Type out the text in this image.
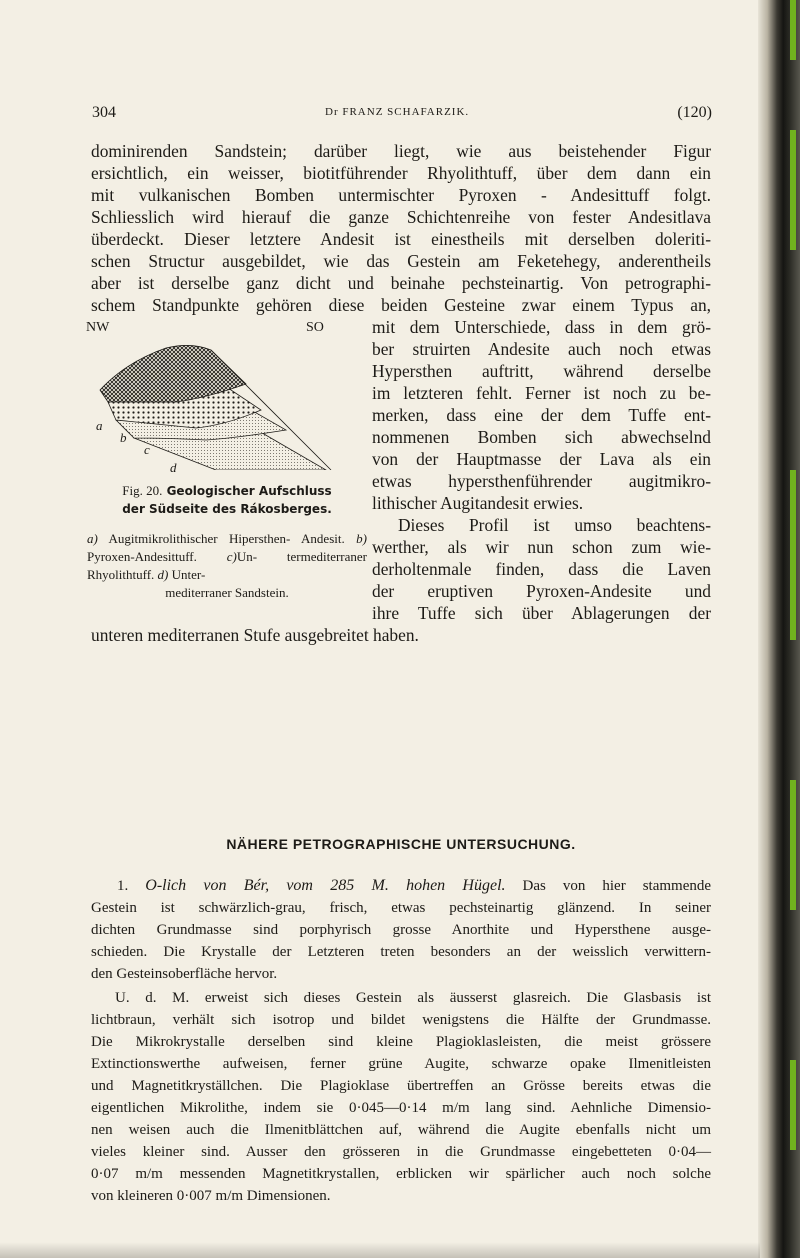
304	Dr FRANZ SCHAFARZIK.	(120)
dominirenden Sandstein; darüber liegt, wie aus beistehender Figur
ersichtlich, ein weisser, biotitführender Rhyolithtuff, über dem dann ein
mit vulkanischen Bomben untermischter Pyroxen - Andesittuff folgt.
Schliesslich wird hierauf die ganze Schichtenreihe von fester Andesitlava
überdeckt. Dieser letztere Andesit ist einestheils mit derselben doleriti-
schen Structur ausgebildet, wie das Gestein am Feketehegy, anderentheils
aber ist derselbe ganz dicht und beinahe pechsteinartig. Von petrographi-
schem Standpunkte gehören diese beiden Gesteine zwar einem Typus an,
mit dem Unterschiede, dass in dem grö-
ber struirten Andesite auch noch etwas
Hypersthen auftritt, während derselbe
im letzteren fehlt. Ferner ist noch zu be-
merken, dass eine der dem Tuffe ent-
nommenen Bomben sich abwechselnd
von der Hauptmasse der Lava als ein
etwas hypersthenführender augitmikro-
lithischer Augitandesit erwies.
Dieses Profil ist umso beachtens-
werther, als wir nun schon zum wie-
derholtenmale finden, dass die Laven
der eruptiven Pyroxen-Andesite und
ihre Tuffe sich über Ablagerungen der
unteren mediterranen Stufe ausgebreitet haben.
NW	SO
a
b
c
d
Fig. 20. Geologischer Aufschluss
der Südseite des Rákosberges.
a) Augitmikrolithischer Hipersthen- Andesit. b) Pyroxen-Andesittuff. c)Un- termediterraner Rhyolithtuff. d) Unter-
mediterraner Sandstein.
NÄHERE PETROGRAPHISCHE UNTERSUCHUNG.
1. O-lich von Bér, vom 285 M. hohen Hügel. Das von hier stammende
Gestein ist schwärzlich-grau, frisch, etwas pechsteinartig glänzend. In seiner
dichten Grundmasse sind porphyrisch grosse Anorthite und Hypersthene ausge-
schieden. Die Krystalle der Letzteren treten besonders an der weisslich verwittern-
den Gesteinsoberfläche hervor.
U. d. M. erweist sich dieses Gestein als äusserst glasreich. Die Glasbasis ist
lichtbraun, verhält sich isotrop und bildet wenigstens die Hälfte der Grundmasse.
Die Mikrokrystalle derselben sind kleine Plagioklasleisten, die meist grössere
Extinctionswerthe aufweisen, ferner grüne Augite, schwarze opake Ilmenitleisten
und Magnetitkryställchen. Die Plagioklase übertreffen an Grösse bereits etwas die
eigentlichen Mikrolithe, indem sie 0·045—0·14 m/m lang sind. Aehnliche Dimensio-
nen weisen auch die Ilmenitblättchen auf, während die Augite ebenfalls nicht um
vieles kleiner sind. Ausser den grösseren in die Grundmasse eingebetteten 0·04—
0·07 m/m messenden Magnetitkrystallen, erblicken wir spärlicher auch noch solche
von kleineren 0·007 m/m Dimensionen.
